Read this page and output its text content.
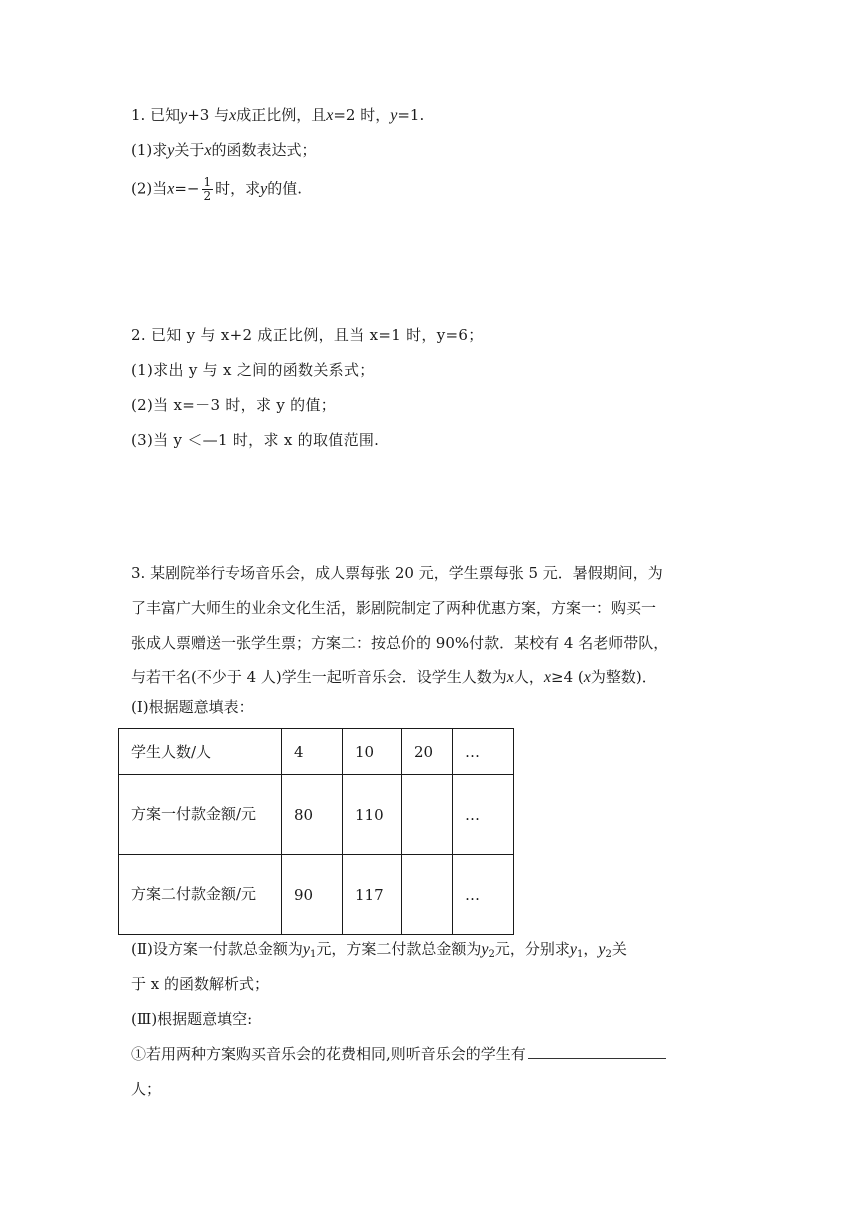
1. 已知y+3 与x成正比例，且x=2 时，y=1.
(1)求y关于x的函数表达式；
(2)当$x=- \frac{1}{2}$ 时，求y的值.
2. 已知 y 与 x+2 成正比例，且当 x=1 时，y=6；
(1)求出 y 与 x 之间的函数关系式；
(2)当 x=－3 时，求 y 的值；
(3)当 y ＜—1 时，求 x 的取值范围.
3. 某剧院举行专场音乐会，成人票每张 20 元，学生票每张 5 元．暑假期间，为
了丰富广大师生的业余文化生活，影剧院制定了两种优惠方案，方案一：购买一
张成人票赠送一张学生票；方案二：按总价的 90%付款．某校有 4 名老师带队，
与若干名(不少于 4 人)学生一起听音乐会．设学生人数为x人，x≥4 (x为整数)．
(Ⅰ)根据题意填表：
学生人数/人	4	10	20	…
方案一付款金额/元	80	110		…
方案二付款金额/元	90	117		…
(Ⅱ)设方案一付款总金额为$y_1$元，方案二付款总金额为$y_2$元，分别求$y_1$，$y_2$关
于 x 的函数解析式；
(Ⅲ)根据题意填空:
①若用两种方案购买音乐会的花费相同,则听音乐会的学生有
人；
